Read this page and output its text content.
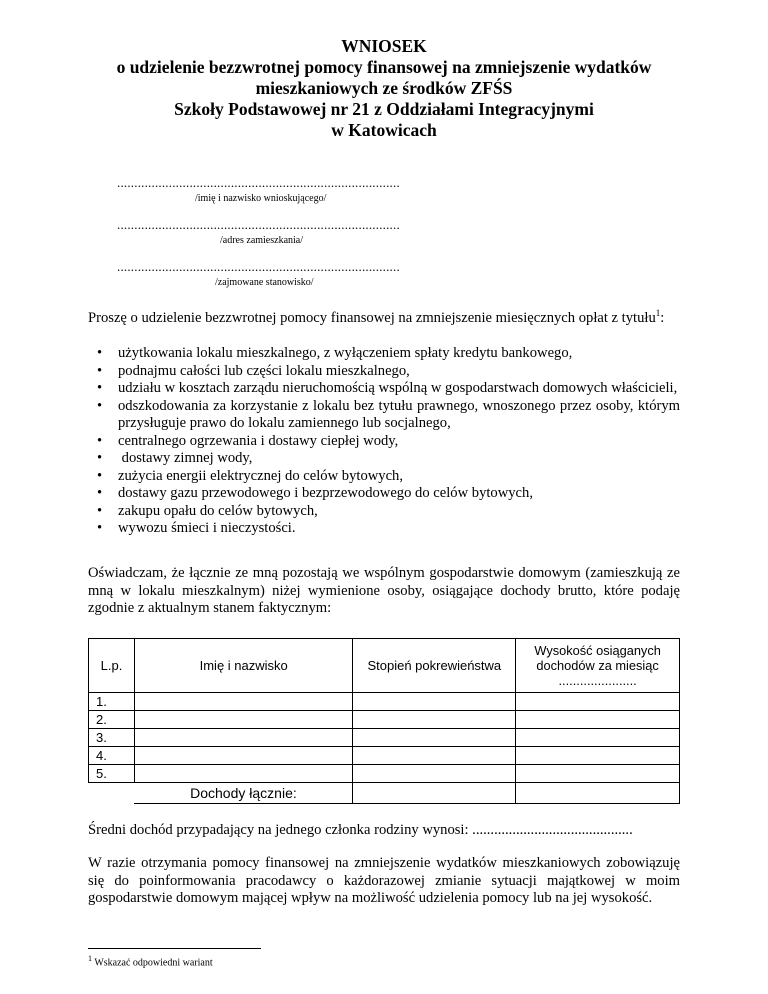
WNIOSEK
o udzielenie bezzwrotnej pomocy finansowej na zmniejszenie wydatków
mieszkaniowych ze środków ZFŚS
Szkoły Podstawowej nr 21 z Oddziałami Integracyjnymi
w Katowicach
..................................................................................
/imię i nazwisko wnioskującego/
..................................................................................
/adres zamieszkania/
..................................................................................
/zajmowane stanowisko/
Proszę o udzielenie bezzwrotnej pomocy finansowej na zmniejszenie miesięcznych opłat z tytułu$^1$:
• użytkowania lokalu mieszkalnego, z wyłączeniem spłaty kredytu bankowego,
• podnajmu całości lub części lokalu mieszkalnego,
• udziału w kosztach zarządu nieruchomością wspólną w gospodarstwach domowych właścicieli,
• odszkodowania za korzystanie z lokalu bez tytułu prawnego, wnoszonego przez osoby, którym przysługuje prawo do lokalu zamiennego lub socjalnego,
• centralnego ogrzewania i dostawy ciepłej wody,
• dostawy zimnej wody,
• zużycia energii elektrycznej do celów bytowych,
• dostawy gazu przewodowego i bezprzewodowego do celów bytowych,
• zakupu opału do celów bytowych,
• wywozu śmieci i nieczystości.
Oświadczam, że łącznie ze mną pozostają we wspólnym gospodarstwie domowym (zamieszkują ze mną w lokalu mieszkalnym) niżej wymienione osoby, osiągające dochody brutto, które podaję zgodnie z aktualnym stanem faktycznym:
L.p.	Imię i nazwisko	Stopień pokrewieństwa	Wysokość osiąganych
dochodów za miesiąc
......................

1.			
2.			
3.			
4.			
5.			
	Dochody łącznie:		
Średni dochód przypadający na jednego członka rodziny wynosi: ............................................
W razie otrzymania pomocy finansowej na zmniejszenie wydatków mieszkaniowych zobowiązuję się do poinformowania pracodawcy o każdorazowej zmianie sytuacji majątkowej w moim gospodarstwie domowym mającej wpływ na możliwość udzielenia pomocy lub na jej wysokość.
$^1$ Wskazać odpowiedni wariant
